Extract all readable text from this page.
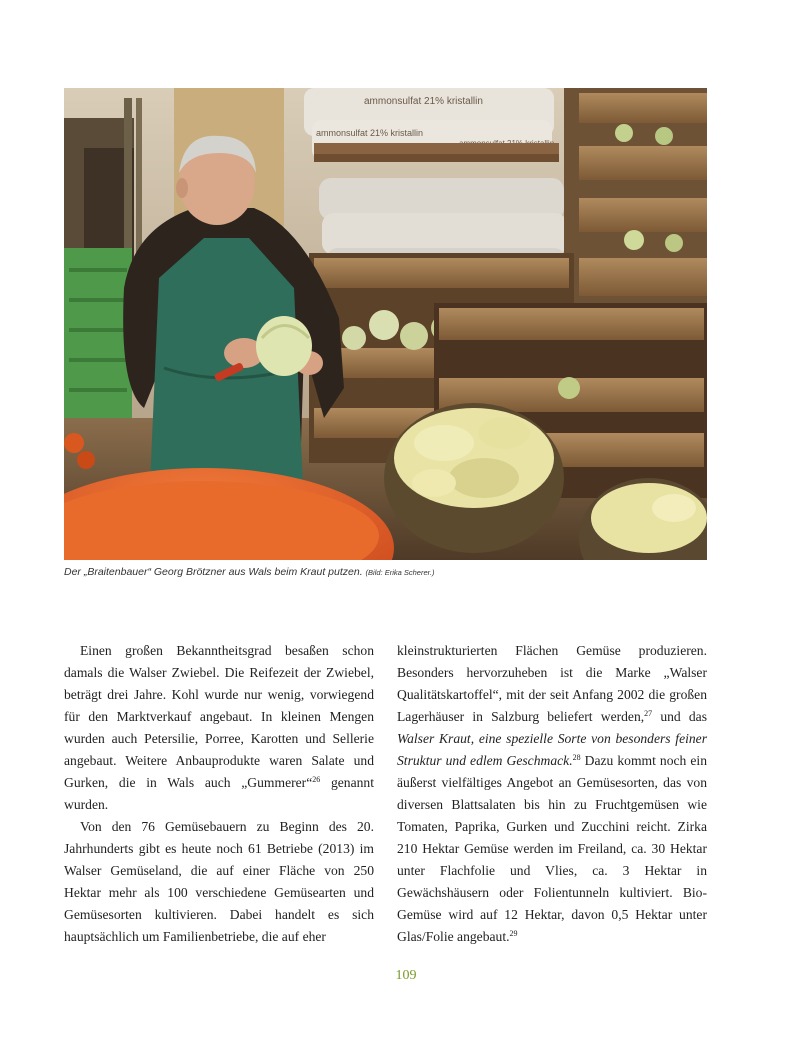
ammonsulfat 21% kristallin
ammonsulfat 21% kristallin
Der „Braitenbauer“ Georg Brötzner aus Wals beim Kraut putzen. (Bild: Erika Scherer.)

Einen großen Bekanntheitsgrad besaßen schon damals die Walser Zwiebel. Die Reifezeit der Zwiebel, beträgt drei Jahre. Kohl wurde nur wenig, vorwiegend für den Marktverkauf angebaut. In kleinen Mengen wurden auch Petersilie, Porree, Karotten und Sellerie angebaut. Weitere Anbauprodukte waren Salate und Gurken, die in Wals auch „Gummerer“$^{26}$ genannt wurden.

Von den 76 Gemüsebauern zu Beginn des 20. Jahrhunderts gibt es heute noch 61 Betriebe (2013) im Walser Gemüseland, die auf einer Fläche von 250 Hektar mehr als 100 verschiedene Gemüsearten und Gemüsesorten kultivieren. Dabei handelt es sich hauptsächlich um Familienbetriebe, die auf eher

kleinstrukturierten Flächen Gemüse produzieren. Besonders hervorzuheben ist die Marke „Walser Qualitätskartoffel“, mit der seit Anfang 2002 die großen Lagerhäuser in Salzburg beliefert werden,$^{27}$ und das Walser Kraut, eine spezielle Sorte von besonders feiner Struktur und edlem Geschmack.$^{28}$ Dazu kommt noch ein äußerst vielfältiges Angebot an Gemüsesorten, das von diversen Blattsalaten bis hin zu Fruchtgemüsen wie Tomaten, Paprika, Gurken und Zucchini reicht. Zirka 210 Hektar Gemüse werden im Freiland, ca. 30 Hektar unter Flachfolie und Vlies, ca. 3 Hektar in Gewächshäusern oder Folientunneln kultiviert. Bio-Gemüse wird auf 12 Hektar, davon 0,5 Hektar unter Glas/Folie angebaut.$^{29}$

109
